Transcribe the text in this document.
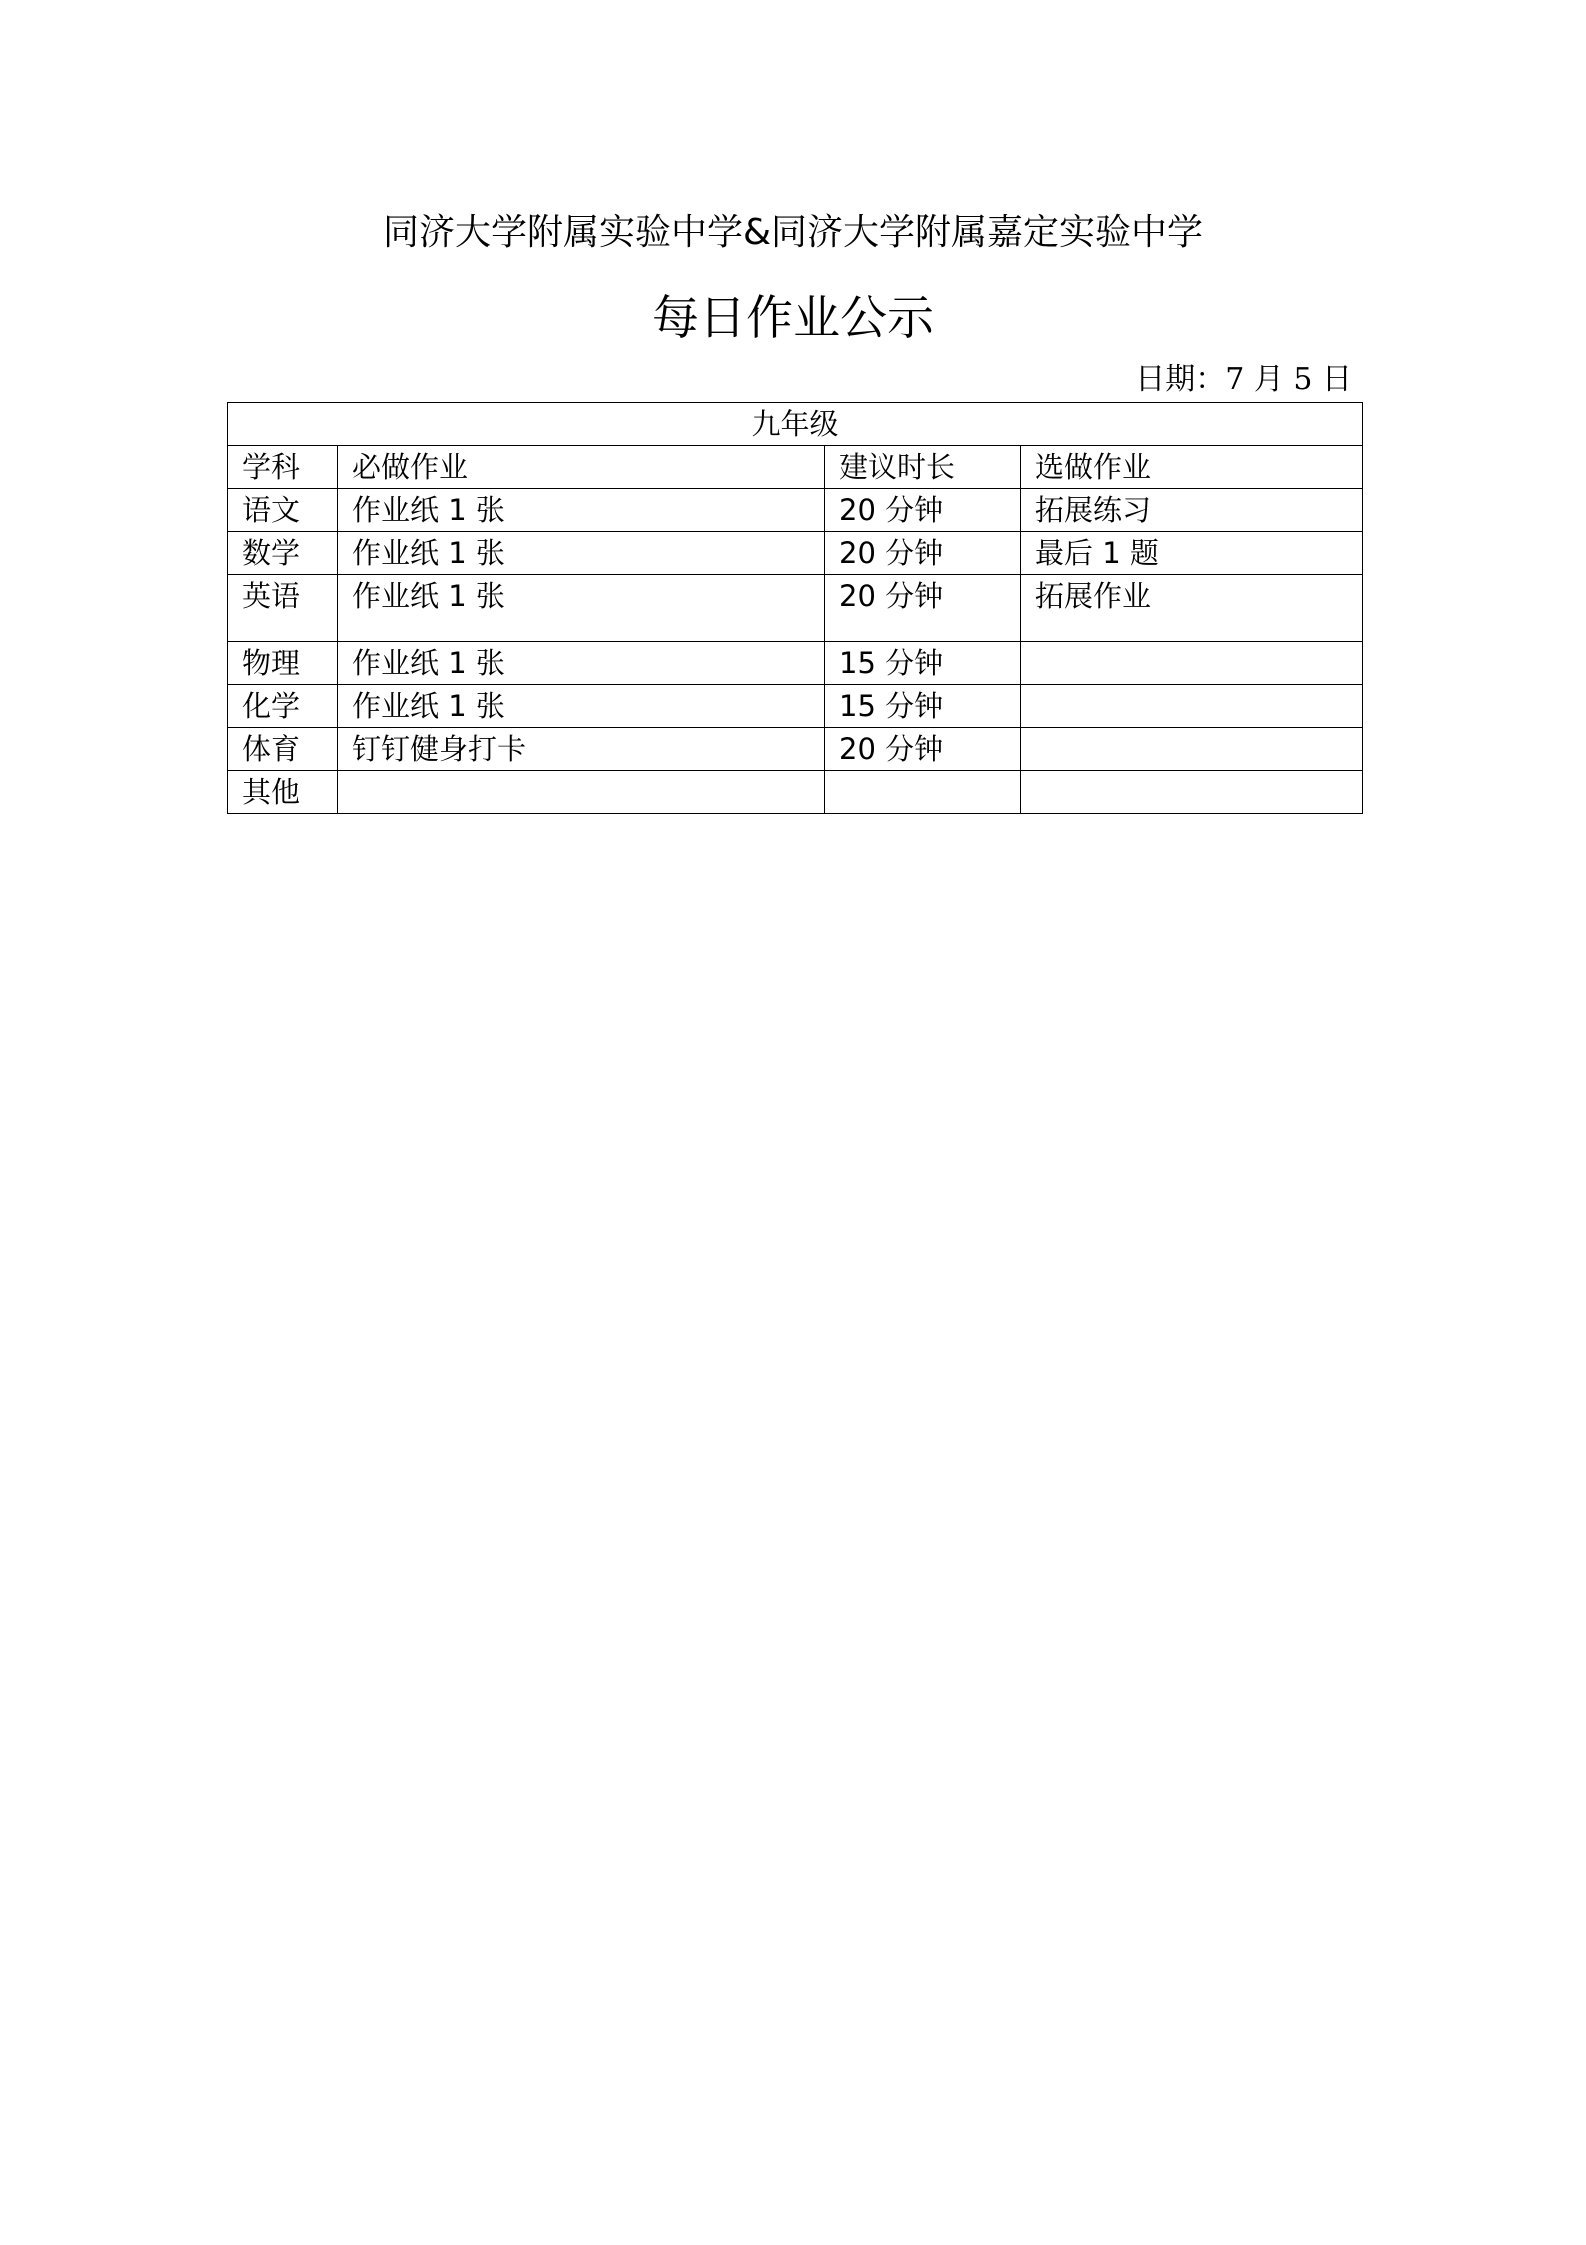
同济大学附属实验中学&同济大学附属嘉定实验中学
每日作业公示
日期：7 月 5 日
九年级			
学科	必做作业	建议时长	选做作业
语文	作业纸 1 张	20 分钟	拓展练习
数学	作业纸 1 张	20 分钟	最后 1 题
英语	作业纸 1 张	20 分钟	拓展作业
物理	作业纸 1 张	15 分钟	
化学	作业纸 1 张	15 分钟	
体育	钉钉健身打卡	20 分钟	
其他			
